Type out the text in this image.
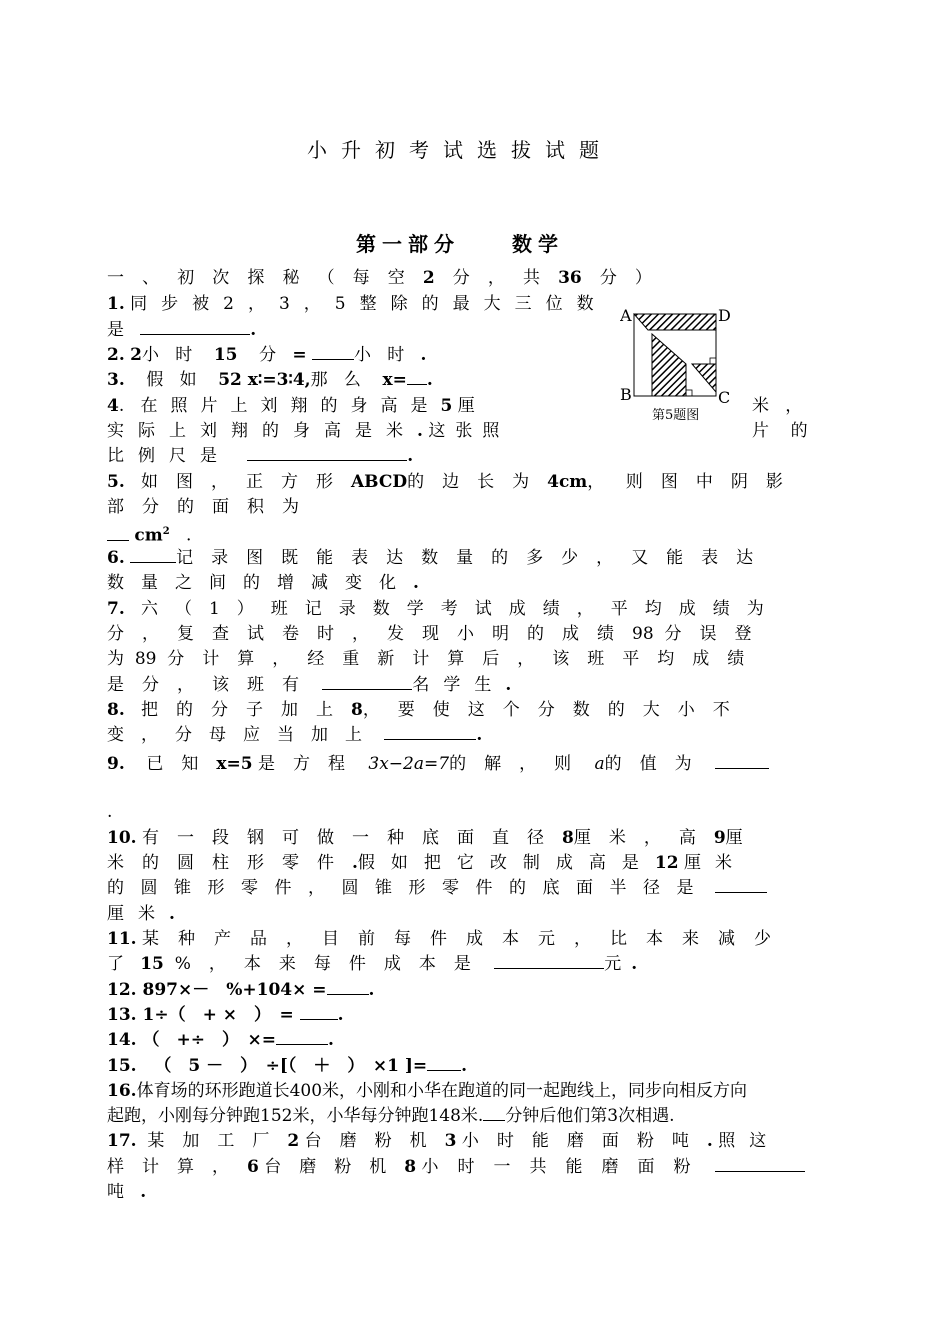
小升初考试选拔试题
第一部分　　数学
一 、 初 次 探 秘 （ 每 空 2 分 ， 共 36 分 ）
A	D
B	C
第5题图
1. 同步被2，3，5整除的最大三位数
是	.
2. 2小 时 15 分 =	小 时 .
3. 假 如 52 x∶=3∶4,那 么 x= .
4. 在照片上刘翔的身高是5 厘	米 ，
实际上刘翔的身高是米. 这张照	片 的
比例尺是	.
5. 如图，正方形ABCD的边长为4cm， 则图中阴影
部分的面积为
$cm^2$ .
6.	记录图既能表达数量的多少，又能表达
数量之间的增减变化.
7. 六（1）班记录数学考试成绩，平均成绩为
分，复查试卷时，发现小明的成绩98 分误登
为 89 分计算，经重新计算后，该班平均成绩
是分，该班有	名学生.
8. 把的分子加上8，要使这个分数的大小不
变，分母应当加上	.
9. 已知x=5 是方程 3x−2a=7的解，则 a的值为
.
10. 有一段钢可做一种底面直径8厘米，高9厘
米的圆柱形零件.假如把它改制成高是12 厘米
的圆锥形零件，圆锥形零件的底面半径是
厘米.
11. 某种产品，目前每件成本元，比本来减少
了 15 %，本来每件成本是	元.
12. 897×－　%+104× = .
13. 1÷（　+ ×　）　=	.
14. （　+÷　）　×=	.
15. （　5 －　）　÷[（　＋　）　×1 ]= .
16.体育场的环形跑道长400米，小刚和小华在跑道的同一起跑线上，同步向相反方向
起跑，小刚每分钟跑152米，小华每分钟跑148米. 分钟后他们第3次相遇.
17. 某加工厂2 台磨粉机3 小时能磨面粉吨. 照这
样计算，6 台磨粉机8 小时一共能磨面粉
吨 .
